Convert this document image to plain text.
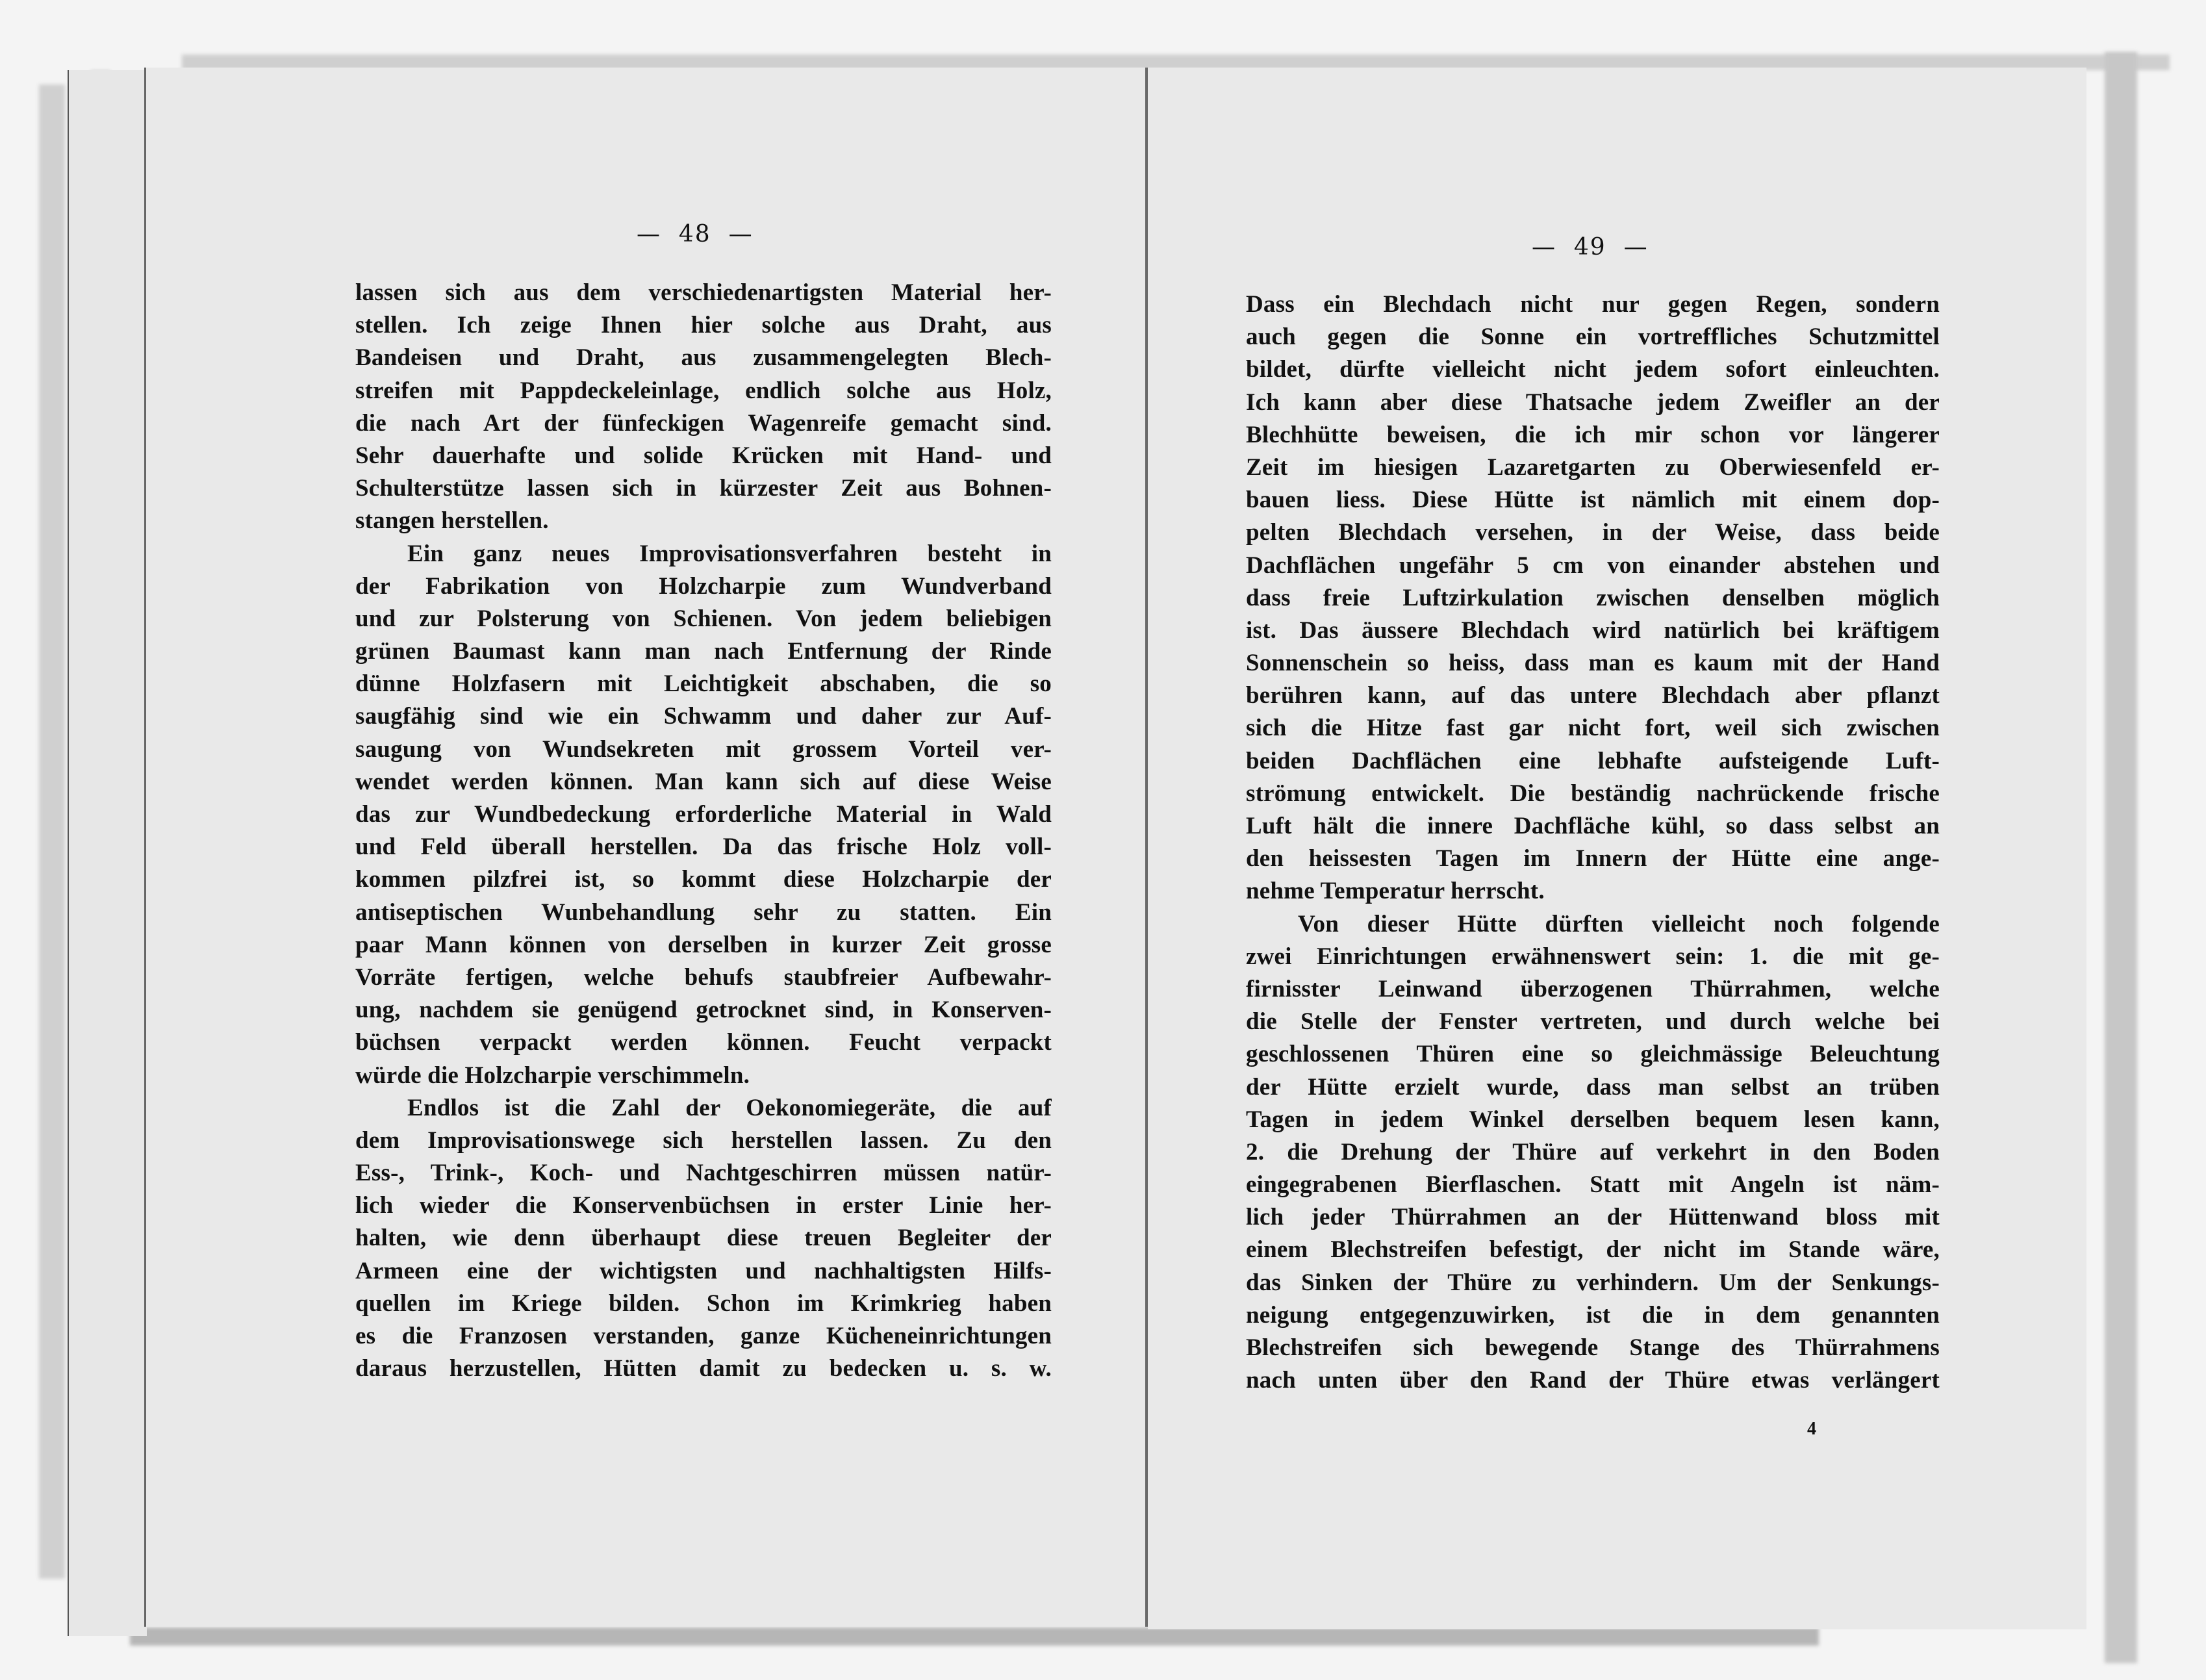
—  48  —
lassen sich aus dem verschiedenartigsten Material her-
stellen. Ich zeige Ihnen hier solche aus Draht, aus
Bandeisen und Draht, aus zusammengelegten Blech-
streifen mit Pappdeckeleinlage, endlich solche aus Holz,
die nach Art der fünfeckigen Wagenreife gemacht sind.
Sehr dauerhafte und solide Krücken mit Hand- und
Schulterstütze lassen sich in kürzester Zeit aus Bohnen-
stangen herstellen.
Ein ganz neues Improvisationsverfahren besteht in
der Fabrikation von Holzcharpie zum Wundverband
und zur Polsterung von Schienen. Von jedem beliebigen
grünen Baumast kann man nach Entfernung der Rinde
dünne Holzfasern mit Leichtigkeit abschaben, die so
saugfähig sind wie ein Schwamm und daher zur Auf-
saugung von Wundsekreten mit grossem Vorteil ver-
wendet werden können. Man kann sich auf diese Weise
das zur Wundbedeckung erforderliche Material in Wald
und Feld überall herstellen. Da das frische Holz voll-
kommen pilzfrei ist, so kommt diese Holzcharpie der
antiseptischen Wunbehandlung sehr zu statten. Ein
paar Mann können von derselben in kurzer Zeit grosse
Vorräte fertigen, welche behufs staubfreier Aufbewahr-
ung, nachdem sie genügend getrocknet sind, in Konserven-
büchsen verpackt werden können. Feucht verpackt
würde die Holzcharpie verschimmeln.
Endlos ist die Zahl der Oekonomiegeräte, die auf
dem Improvisationswege sich herstellen lassen. Zu den
Ess-, Trink-, Koch- und Nachtgeschirren müssen natür-
lich wieder die Konservenbüchsen in erster Linie her-
halten, wie denn überhaupt diese treuen Begleiter der
Armeen eine der wichtigsten und nachhaltigsten Hilfs-
quellen im Kriege bilden. Schon im Krimkrieg haben
es die Franzosen verstanden, ganze Kücheneinrichtungen
daraus herzustellen, Hütten damit zu bedecken u. s. w.
—  49  —
Dass ein Blechdach nicht nur gegen Regen, sondern
auch gegen die Sonne ein vortreffliches Schutzmittel
bildet, dürfte vielleicht nicht jedem sofort einleuchten.
Ich kann aber diese Thatsache jedem Zweifler an der
Blechhütte beweisen, die ich mir schon vor längerer
Zeit im hiesigen Lazaretgarten zu Oberwiesenfeld er-
bauen liess. Diese Hütte ist nämlich mit einem dop-
pelten Blechdach versehen, in der Weise, dass beide
Dachflächen ungefähr 5 cm von einander abstehen und
dass freie Luftzirkulation zwischen denselben möglich
ist. Das äussere Blechdach wird natürlich bei kräftigem
Sonnenschein so heiss, dass man es kaum mit der Hand
berühren kann, auf das untere Blechdach aber pflanzt
sich die Hitze fast gar nicht fort, weil sich zwischen
beiden Dachflächen eine lebhafte aufsteigende Luft-
strömung entwickelt. Die beständig nachrückende frische
Luft hält die innere Dachfläche kühl, so dass selbst an
den heissesten Tagen im Innern der Hütte eine ange-
nehme Temperatur herrscht.
Von dieser Hütte dürften vielleicht noch folgende
zwei Einrichtungen erwähnenswert sein: 1. die mit ge-
firnisster Leinwand überzogenen Thürrahmen, welche
die Stelle der Fenster vertreten, und durch welche bei
geschlossenen Thüren eine so gleichmässige Beleuchtung
der Hütte erzielt wurde, dass man selbst an trüben
Tagen in jedem Winkel derselben bequem lesen kann,
2. die Drehung der Thüre auf verkehrt in den Boden
eingegrabenen Bierflaschen. Statt mit Angeln ist näm-
lich jeder Thürrahmen an der Hüttenwand bloss mit
einem Blechstreifen befestigt, der nicht im Stande wäre,
das Sinken der Thüre zu verhindern. Um der Senkungs-
neigung entgegenzuwirken, ist die in dem genannten
Blechstreifen sich bewegende Stange des Thürrahmens
nach unten über den Rand der Thüre etwas verlängert
4
